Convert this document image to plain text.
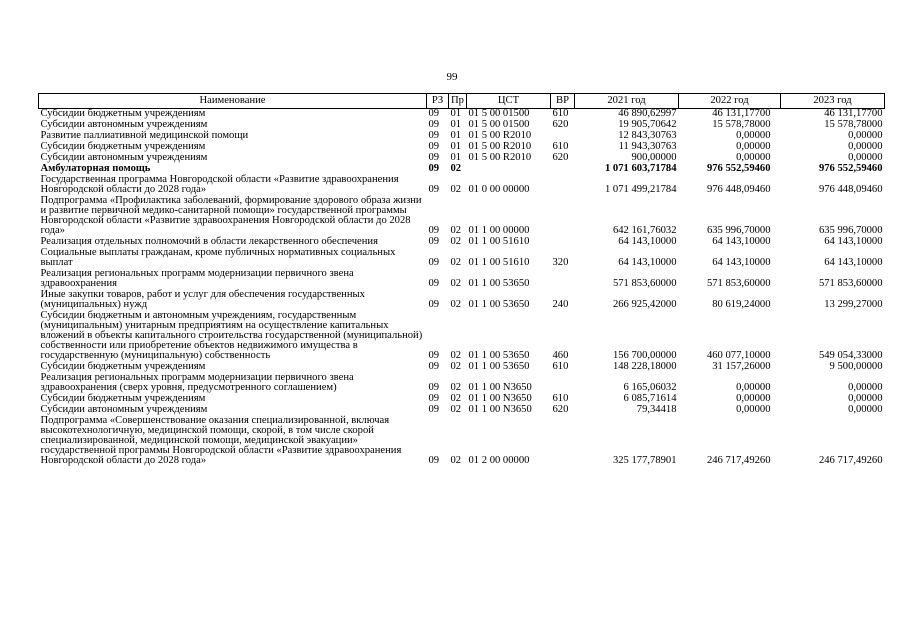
99
Наименование	РЗ	Пр	ЦСТ	ВР	2021 год	2022 год	2023 год
Субсидии бюджетным учреждениям	09	01	01 5 00 01500	610	46 890,62997	46 131,17700	46 131,17700
Субсидии автономным учреждениям	09	01	01 5 00 01500	620	19 905,70642	15 578,78000	15 578,78000
Развитие паллиативной медицинской помощи	09	01	01 5 00 R2010		12 843,30763	0,00000	0,00000
Субсидии бюджетным учреждениям	09	01	01 5 00 R2010	610	11 943,30763	0,00000	0,00000
Субсидии автономным учреждениям	09	01	01 5 00 R2010	620	900,00000	0,00000	0,00000
Амбулаторная помощь	09	02			1 071 603,71784	976 552,59460	976 552,59460
Государственная программа Новгородской области «Развитие здравоохранения Новгородской области до 2028 года»	09	02	01 0 00 00000		1 071 499,21784	976 448,09460	976 448,09460
Подпрограмма «Профилактика заболеваний, формирование здорового образа жизни и развитие первичной медико-санитарной помощи» государственной программы Новгородской области «Развитие здравоохранения Новгородской области до 2028 года»	09	02	01 1 00 00000		642 161,76032	635 996,70000	635 996,70000
Реализация отдельных полномочий в области лекарственного обеспечения	09	02	01 1 00 51610		64 143,10000	64 143,10000	64 143,10000
Социальные выплаты гражданам, кроме публичных нормативных социальных выплат	09	02	01 1 00 51610	320	64 143,10000	64 143,10000	64 143,10000
Реализация региональных программ модернизации первичного звена здравоохранения	09	02	01 1 00 53650		571 853,60000	571 853,60000	571 853,60000
Иные закупки товаров, работ и услуг для обеспечения государственных (муниципальных) нужд	09	02	01 1 00 53650	240	266 925,42000	80 619,24000	13 299,27000
Субсидии бюджетным и автономным учреждениям, государственным (муниципальным) унитарным предприятиям на осуществление капитальных вложений в объекты капитального строительства государственной (муниципальной) собственности или приобретение объектов недвижимого имущества в государственную (муниципальную) собственность	09	02	01 1 00 53650	460	156 700,00000	460 077,10000	549 054,33000
Субсидии бюджетным учреждениям	09	02	01 1 00 53650	610	148 228,18000	31 157,26000	9 500,00000
Реализация региональных программ модернизации первичного звена здравоохранения (сверх уровня, предусмотренного соглашением)	09	02	01 1 00 N3650		6 165,06032	0,00000	0,00000
Субсидии бюджетным учреждениям	09	02	01 1 00 N3650	610	6 085,71614	0,00000	0,00000
Субсидии автономным учреждениям	09	02	01 1 00 N3650	620	79,34418	0,00000	0,00000
Подпрограмма «Совершенствование оказания специализированной, включая высокотехнологичную, медицинской помощи, скорой, в том числе скорой специализированной, медицинской помощи, медицинской эвакуации» государственной программы Новгородской области «Развитие здравоохранения Новгородской области до 2028 года»	09	02	01 2 00 00000		325 177,78901	246 717,49260	246 717,49260
